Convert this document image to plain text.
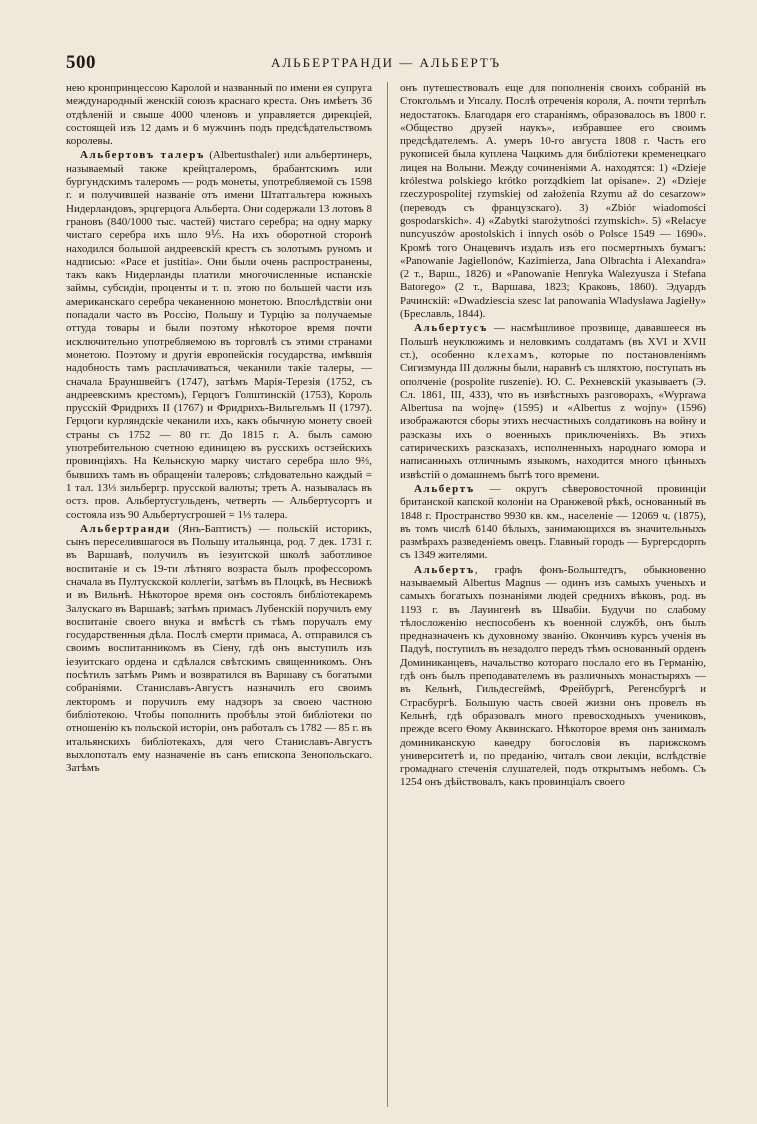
500	АЛЬБЕРТРАНДИ — АЛЬБЕРТЪ

нею кронпринцессою Каролой и названный по имени ея супруга международный женскій союзъ краснаго креста. Онъ имѣетъ 36 отдѣленій и свыше 4000 членовъ и управляется дирекціей, состоящей изъ 12 дамъ и 6 мужчинъ подъ предсѣдательствомъ королевы.

Альбертовъ талеръ (Albertusthaler) или альбертинеръ, называемый также крейцталеромъ, брабантскимъ или бургундскимъ талеромъ — родъ монеты, употребляемой съ 1598 г. и получившей названіе отъ имени Штатгальтера южныхъ Нидерландовъ, эрцгерцога Альберта. Они содержали 13 лотовъ 8 грановъ (840/1000 тыс. частей) чистаго серебра; на одну марку чистаго серебра ихъ шло 9⅕. На ихъ оборотной сторонѣ находился большой андреевскій крестъ съ золотымъ руномъ и надписью: «Pace et justitia». Они были очень распространены, такъ какъ Нидерланды платили многочисленные испанскіе займы, субсидіи, проценты и т. п. этою по большей части изъ американскаго серебра чеканенною монетою. Впослѣдствіи они попадали часто въ Россію, Польшу и Турцію за получаемые оттуда товары и были поэтому нѣкоторое время почти исключительно употребляемою въ торговлѣ съ этими странами монетою. Поэтому и другія европейскія государства, имѣвшія надобность тамъ расплачиваться, чеканили такіе талеры, — сначала Брауншвейгъ (1747), затѣмъ Марія-Терезія (1752, съ андреевскимъ крестомъ), Герцогъ Голштинскій (1753), Король прусскій Фридрихъ II (1767) и Фридрихъ-Вильгельмъ II (1797). Герцоги курляндскіе чеканили ихъ, какъ обычную монету своей страны съ 1752 — 80 гг. До 1815 г. А. былъ самою употребительною счетною единицею въ русскихъ остзейскихъ провинціяхъ. На Кельнскую марку чистаго серебра шло 9⅔, бывшихъ тамъ въ обращеніи талеровъ; слѣдовательно каждый = 1 тал. 13⅓ зильбергр. прусской валюты; треть А. называлась въ остз. пров. Альбертусгульденъ, четверть — Альбертусортъ и состояла изъ 90 Альбертусгрошей = 1⅓ талера.

Альбертранди (Янъ-Баптистъ) — польскій историкъ, сынъ переселившагося въ Польшу итальянца, род. 7 дек. 1731 г. въ Варшавѣ, получилъ въ іезуитской школѣ заботливое воспитаніе и съ 19-ти лѣтняго возраста былъ профессоромъ сначала въ Пултускской коллегіи, затѣмъ въ Плоцкѣ, въ Несвижѣ и въ Вильнѣ. Нѣкоторое время онъ состоялъ библіотекаремъ Залускаго въ Варшавѣ; затѣмъ примасъ Лубенскій поручилъ ему воспитаніе своего внука и вмѣстѣ съ тѣмъ поручалъ ему государственныя дѣла. Послѣ смерти примаса, А. отправился съ своимъ воспитанникомъ въ Сіену, гдѣ онъ выступилъ изъ іезуитскаго ордена и сдѣлался свѣтскимъ священникомъ. Онъ посѣтилъ затѣмъ Римъ и возвратился въ Варшаву съ богатыми собраніями. Станиславъ-Августъ назначилъ его своимъ лекторомъ и поручилъ ему надзоръ за своею частною библіотекою. Чтобы пополнить пробѣлы этой библіотеки по отношенію къ польской исторіи, онъ работалъ съ 1782 — 85 г. въ итальянскихъ библіотекахъ, для чего Станиславъ-Августъ выхлопоталъ ему назначеніе въ санъ епископа Зенопольскаго. Затѣмъ

онъ путешествовалъ еще для пополненія своихъ собраній въ Стокгольмъ и Упсалу. Послѣ отреченія короля, А. почти терпѣлъ недостатокъ. Благодаря его стараніямъ, образовалось въ 1800 г. «Общество друзей наукъ», избравшее его своимъ предсѣдателемъ. А. умеръ 10-го августа 1808 г. Часть его рукописей была куплена Чацкимъ для библіотеки кременецкаго лицея на Волыни. Между сочиненіями А. находятся: 1) «Dzieje królestwa polskiego krótko porządkiem lat opisane». 2) «Dzieje rzeczypospolitej rzymskiej od założenia Rzymu až do cesarzow» (переводъ съ французскаго). 3) «Zbiór wiadomości gospodarskich». 4) «Zabytki starożytności rzymskich». 5) «Relacye nuncyuszów apostolskich i innych osób o Polsce 1549 — 1690». Кромѣ того Онацевичъ издалъ изъ его посмертныхъ бумагъ: «Panowanie Jagiellonów, Kazimierza, Jana Olbrachta i Alexandra» (2 т., Варш., 1826) и «Panowanie Henryka Walezyusza i Stefana Batorego» (2 т., Варшава, 1823; Краковъ, 1860). Эдуардъ Рачинскій: «Dwadziescia szesc lat panowania Wladysława Jagiełły» (Бреславль, 1844).

Альбертусъ — насмѣшливое прозвище, дававшееся въ Польшѣ неуклюжимъ и неловкимъ солдатамъ (въ XVI и XVII ст.), особенно клехамъ, которые по постановленіямъ Сигизмунда III должны были, наравнѣ съ шляхтою, поступать въ ополченіе (pospolite ruszenie). Ю. С. Рехневскій указываетъ (Э. Сл. 1861, III, 433), что въ извѣстныхъ разговорахъ, «Wyprawa Albertusa na wojnę» (1595) и «Albertus z wojny» (1596) изображаются сборы этихъ несчастныхъ солдатиковъ на войну и разсказы ихъ о военныхъ приключеніяхъ. Въ этихъ сатирическихъ разсказахъ, исполненныхъ народнаго юмора и написанныхъ отличнымъ языкомъ, находится много цѣнныхъ извѣстій о домашнемъ бытѣ того времени.

Альбертъ — округъ сѣверовосточной провинціи британской капской колоніи на Оранжевой рѣкѣ, основанный въ 1848 г. Пространство 9930 кв. км., населеніе — 12069 ч. (1875), въ томъ числѣ 6140 бѣлыхъ, занимающихся въ значительныхъ размѣрахъ разведеніемъ овецъ. Главный городъ — Бургерсдорпъ съ 1349 жителями.

Альбертъ, графъ фонъ-Больштедтъ, обыкновенно называемый Albertus Magnus — одинъ изъ самыхъ ученыхъ и самыхъ богатыхъ познаніями людей среднихъ вѣковъ, род. въ 1193 г. въ Лауингенѣ въ Швабіи. Будучи по слабому тѣлосложенію неспособенъ къ военной службѣ, онъ былъ предназначенъ къ духовному званію. Окончивъ курсъ ученія въ Падуѣ, поступилъ въ незадолго передъ тѣмъ основанный орденъ Доминиканцевъ, начальство котораго послало его въ Германію, гдѣ онъ былъ преподавателемъ въ различныхъ монастыряхъ — въ Кельнѣ, Гильдесгеймѣ, Фрейбургѣ, Регенсбургѣ и Страсбургѣ. Большую часть своей жизни онъ провелъ въ Кельнѣ, гдѣ образовалъ много превосходныхъ учениковъ, прежде всего Ѳому Аквинскаго. Нѣкоторое время онъ занималъ доминиканскую каѳедру богословія въ парижскомъ университетѣ и, по преданію, читалъ свои лекціи, вслѣдствіе громаднаго стеченія слушателей, подъ открытымъ небомъ. Съ 1254 онъ дѣйствовалъ, какъ провинціалъ своего
